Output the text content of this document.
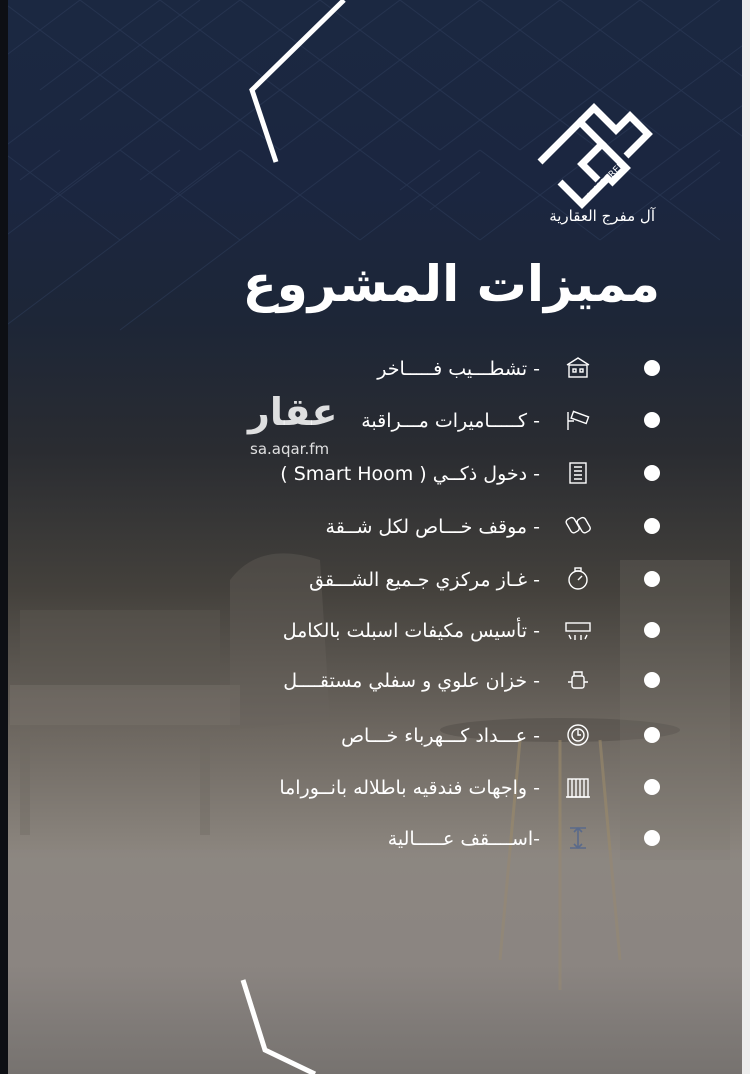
ALMOFREH
آل مفرج العقارية
مميزات المشروع
- تشطـــيب فـــــاخر
- كـــــاميرات مـــراقبة
- دخول ذكــي ( Smart Hoom )
- موقف خـــاص لكل شــقة
- غـاز مركزي جـميع الشـــقق
- تأسيس مكيفات اسبلت بالكامل
- خزان علوي و سفلي مستقــــل
- عـــداد كـــهرباء خـــاص
- واجهات فندقيه باطلاله بانــوراما
-اســــقف عـــــالية
عقار
sa.aqar.fm
